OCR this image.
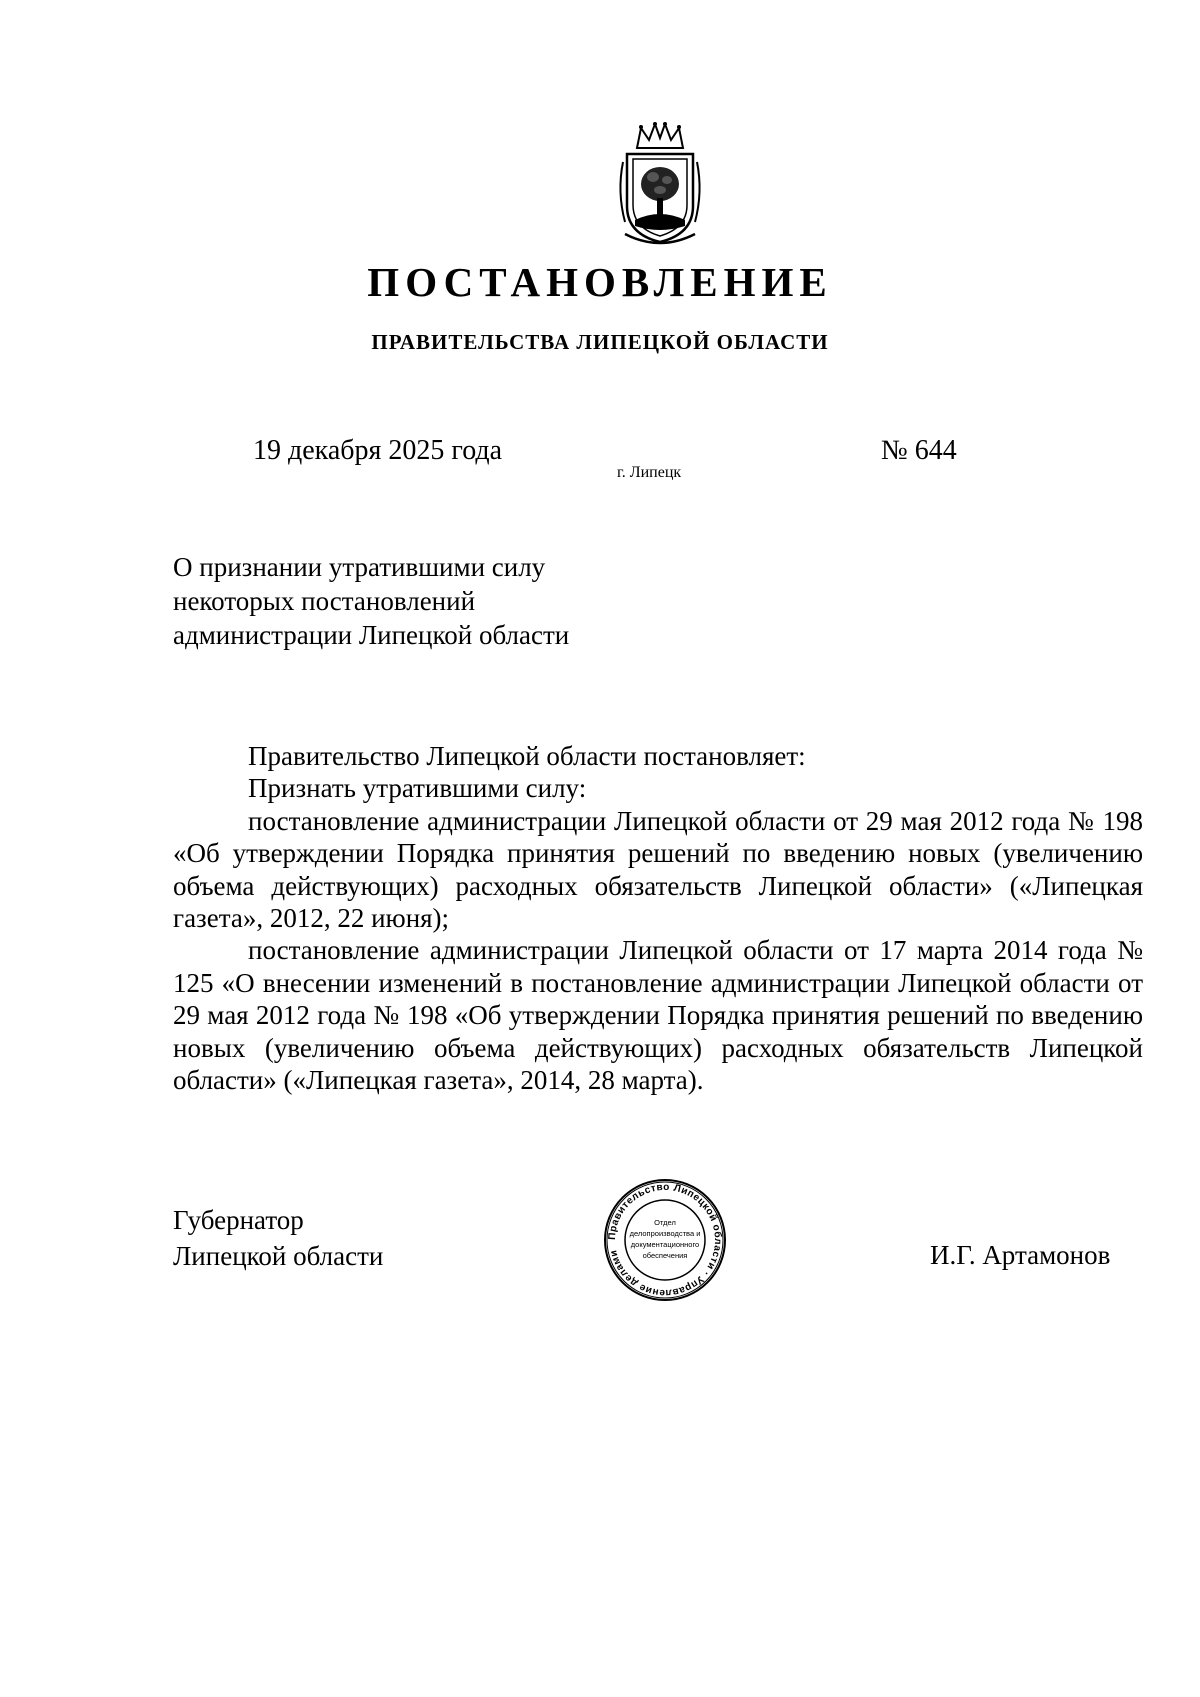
ПОСТАНОВЛЕНИЕ
ПРАВИТЕЛЬСТВА ЛИПЕЦКОЙ ОБЛАСТИ
19 декабря 2025 года
г. Липецк
№ 644
О признании утратившими силу
некоторых постановлений
администрации Липецкой области

Правительство Липецкой области постановляет:

Признать утратившими силу:

постановление администрации Липецкой области от 29 мая 2012 года № 198 «Об утверждении Порядка принятия решений по введению новых (увеличению объема действующих) расходных обязательств Липецкой области» («Липецкая газета», 2012, 22 июня);

постановление администрации Липецкой области от 17 марта 2014 года № 125 «О внесении изменений в постановление администрации Липецкой области от 29 мая 2012 года № 198 «Об утверждении Порядка принятия решений по введению новых (увеличению объема действующих) расходных обязательств Липецкой области» («Липецкая газета», 2014, 28 марта).

Губернатор
Липецкой области
Правительство Липецкой области · Управление делами
Отдел
делопроизводства и
документационного
обеспечения	И.Г. Артамонов
